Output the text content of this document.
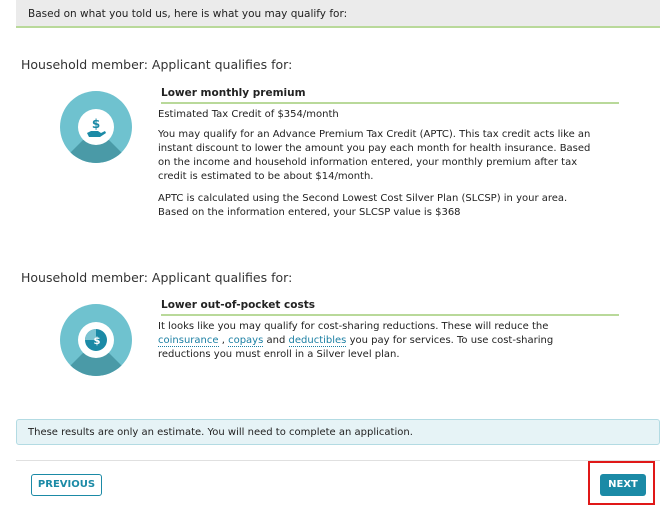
Based on what you told us, here is what you may qualify for:
Household member: Applicant qualifies for:
$
Lower monthly premium

Estimated Tax Credit of $354/month

You may qualify for an Advance Premium Tax Credit (APTC). This tax credit acts like an instant discount to lower the amount you pay each month for health insurance. Based on the income and household information entered, your monthly premium after tax credit is estimated to be about $14/month.

APTC is calculated using the Second Lowest Cost Silver Plan (SLCSP) in your area. Based on the information entered, your SLCSP value is $368

Household member: Applicant qualifies for:
$
Lower out-of-pocket costs

It looks like you may qualify for cost-sharing reductions. These will reduce the
coinsurance , copays and deductibles you pay for services. To use cost-sharing reductions you must enroll in a Silver level plan.

These results are only an estimate. You will need to complete an application.
PREVIOUS	NEXT
